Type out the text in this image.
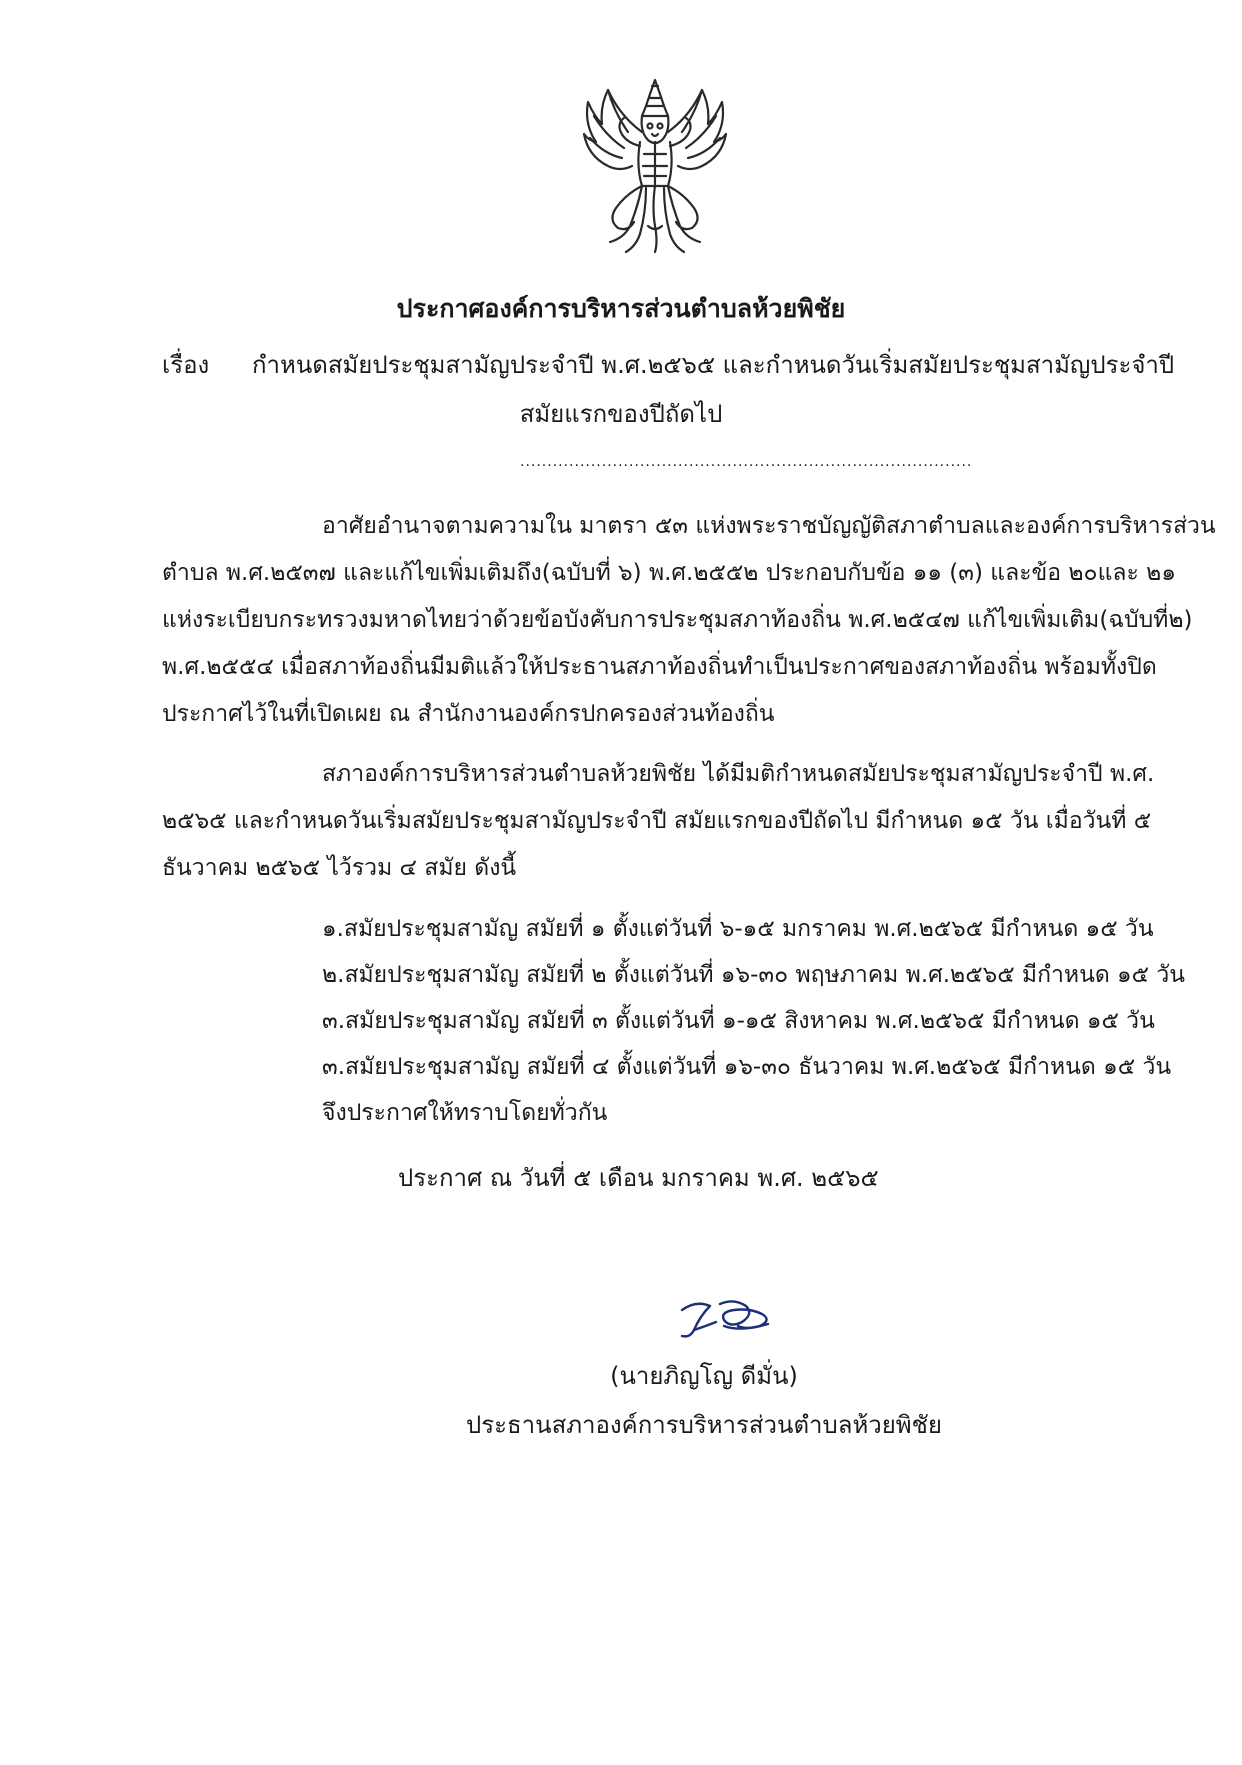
ประกาศองค์การบริหารส่วนตำบลห้วยพิชัย
เรื่อง กำหนดสมัยประชุมสามัญประจำปี พ.ศ.๒๕๖๕ และกำหนดวันเริ่มสมัยประชุมสามัญประจำปี
สมัยแรกของปีถัดไป
...................................................................................
อาศัยอำนาจตามความใน มาตรา ๕๓ แห่งพระราชบัญญัติสภาตำบลและองค์การบริหารส่วน
ตำบล พ.ศ.๒๕๓๗ และแก้ไขเพิ่มเติมถึง(ฉบับที่ ๖) พ.ศ.๒๕๕๒ ประกอบกับข้อ ๑๑ (๓) และข้อ ๒๐และ ๒๑
แห่งระเบียบกระทรวงมหาดไทยว่าด้วยข้อบังคับการประชุมสภาท้องถิ่น พ.ศ.๒๕๔๗ แก้ไขเพิ่มเติม(ฉบับที่๒)
พ.ศ.๒๕๕๔ เมื่อสภาท้องถิ่นมีมติแล้วให้ประธานสภาท้องถิ่นทำเป็นประกาศของสภาท้องถิ่น พร้อมทั้งปิด
ประกาศไว้ในที่เปิดเผย ณ สำนักงานองค์กรปกครองส่วนท้องถิ่น
สภาองค์การบริหารส่วนตำบลห้วยพิชัย ได้มีมติกำหนดสมัยประชุมสามัญประจำปี พ.ศ.
๒๕๖๕ และกำหนดวันเริ่มสมัยประชุมสามัญประจำปี สมัยแรกของปีถัดไป มีกำหนด ๑๕ วัน เมื่อวันที่ ๕
ธันวาคม ๒๕๖๕ ไว้รวม ๔ สมัย ดังนี้
๑.สมัยประชุมสามัญ สมัยที่ ๑ ตั้งแต่วันที่ ๖-๑๕ มกราคม พ.ศ.๒๕๖๕ มีกำหนด ๑๕ วัน
๒.สมัยประชุมสามัญ สมัยที่ ๒ ตั้งแต่วันที่ ๑๖-๓๐ พฤษภาคม พ.ศ.๒๕๖๕ มีกำหนด ๑๕ วัน
๓.สมัยประชุมสามัญ สมัยที่ ๓ ตั้งแต่วันที่ ๑-๑๕ สิงหาคม พ.ศ.๒๕๖๕ มีกำหนด ๑๕ วัน
๓.สมัยประชุมสามัญ สมัยที่ ๔ ตั้งแต่วันที่ ๑๖-๓๐ ธันวาคม พ.ศ.๒๕๖๕ มีกำหนด ๑๕ วัน
จึงประกาศให้ทราบโดยทั่วกัน
ประกาศ ณ วันที่ ๕ เดือน มกราคม พ.ศ. ๒๕๖๕
(นายภิญโญ ดีมั่น)
ประธานสภาองค์การบริหารส่วนตำบลห้วยพิชัย
